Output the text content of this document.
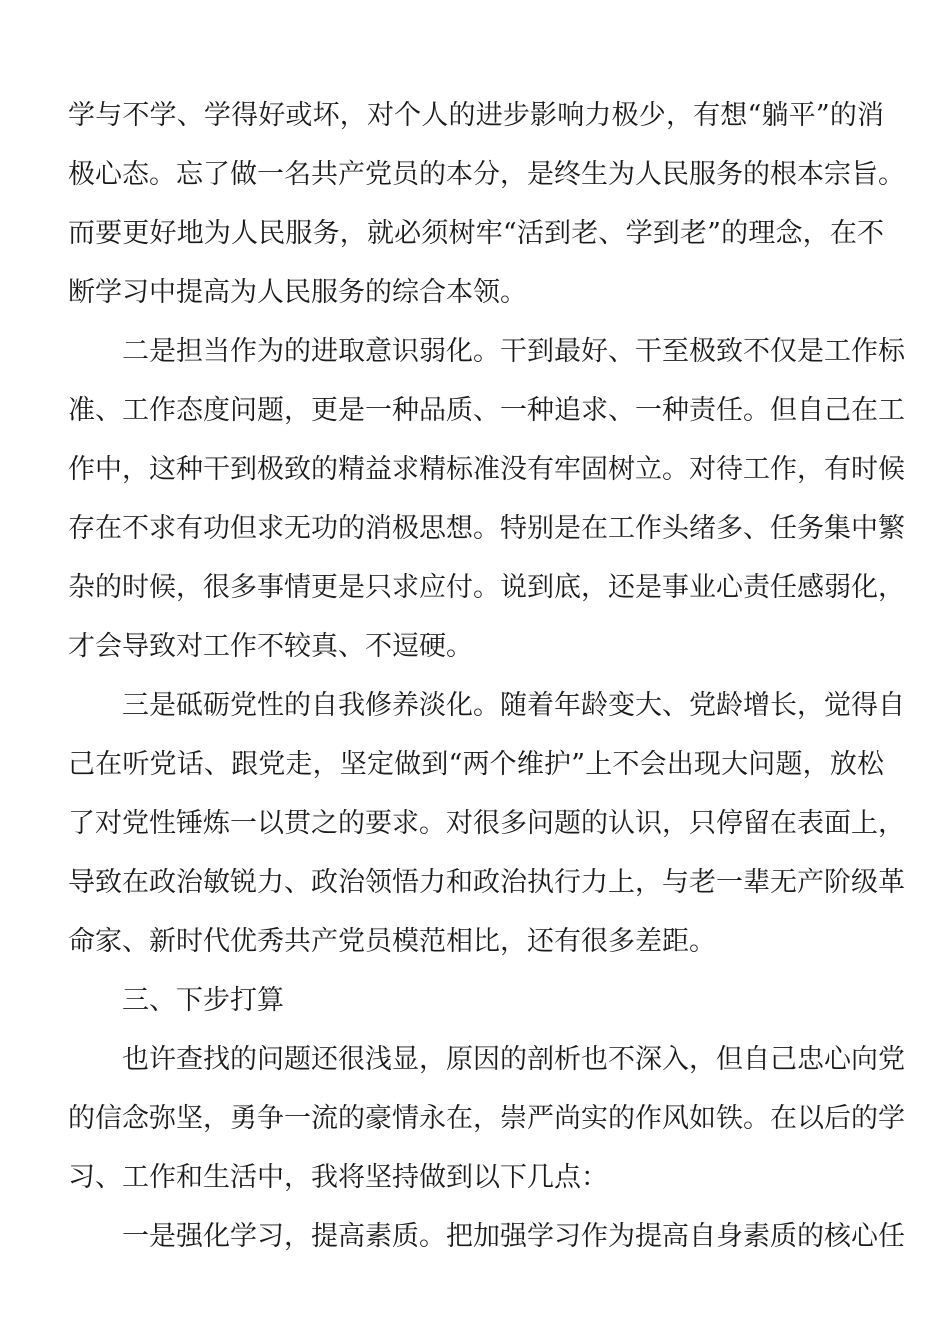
学与不学、学得好或坏，对个人的进步影响力极少，有想“躺平”的消
极心态。忘了做一名共产党员的本分，是终生为人民服务的根本宗旨。
而要更好地为人民服务，就必须树牢“活到老、学到老”的理念，在不
断学习中提高为人民服务的综合本领。
二是担当作为的进取意识弱化。干到最好、干至极致不仅是工作标
准、工作态度问题，更是一种品质、一种追求、一种责任。但自己在工
作中，这种干到极致的精益求精标准没有牢固树立。对待工作，有时候
存在不求有功但求无功的消极思想。特别是在工作头绪多、任务集中繁
杂的时候，很多事情更是只求应付。说到底，还是事业心责任感弱化，
才会导致对工作不较真、不逗硬。
三是砥砺党性的自我修养淡化。随着年龄变大、党龄增长，觉得自
己在听党话、跟党走，坚定做到“两个维护”上不会出现大问题，放松
了对党性锤炼一以贯之的要求。对很多问题的认识，只停留在表面上，
导致在政治敏锐力、政治领悟力和政治执行力上，与老一辈无产阶级革
命家、新时代优秀共产党员模范相比，还有很多差距。
三、下步打算
也许查找的问题还很浅显，原因的剖析也不深入，但自己忠心向党
的信念弥坚，勇争一流的豪情永在，崇严尚实的作风如铁。在以后的学
习、工作和生活中，我将坚持做到以下几点：
一是强化学习，提高素质。把加强学习作为提高自身素质的核心任
